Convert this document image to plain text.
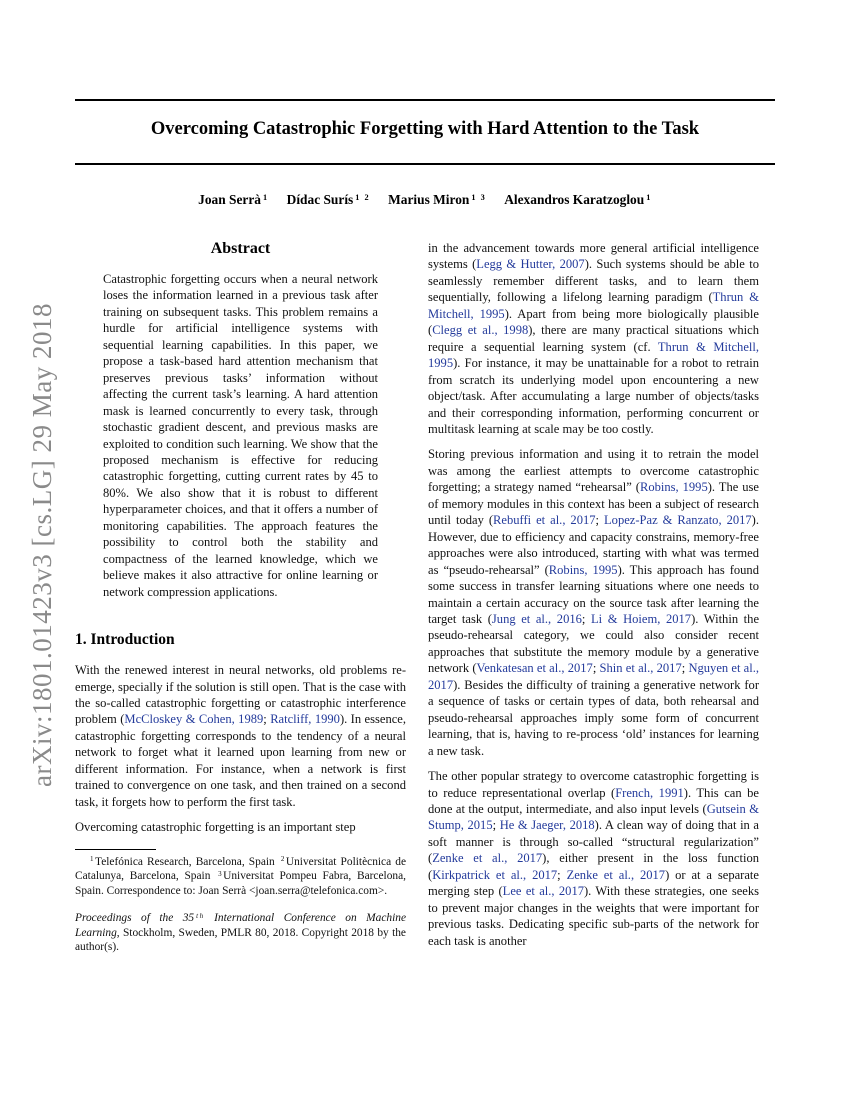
arXiv:1801.01423v3 [cs.LG] 29 May 2018
Overcoming Catastrophic Forgetting with Hard Attention to the Task
Joan Serrà $^1$ Dídac Surís $^{1 2}$ Marius Miron $^{1 3}$ Alexandros Karatzoglou $^1$
Abstract
Catastrophic forgetting occurs when a neural network loses the information learned in a previous task after training on subsequent tasks. This problem remains a hurdle for artificial intelligence systems with sequential learning capabilities. In this paper, we propose a task-based hard attention mechanism that preserves previous tasks’ information without affecting the current task’s learning. A hard attention mask is learned concurrently to every task, through stochastic gradient descent, and previous masks are exploited to condition such learning. We show that the proposed mechanism is effective for reducing catastrophic forgetting, cutting current rates by 45 to 80%. We also show that it is robust to different hyperparameter choices, and that it offers a number of monitoring capabilities. The approach features the possibility to control both the stability and compactness of the learned knowledge, which we believe makes it also attractive for online learning or network compression applications.
1. Introduction
With the renewed interest in neural networks, old problems re-emerge, specially if the solution is still open. That is the case with the so-called catastrophic forgetting or catastrophic interference problem (McCloskey & Cohen, 1989; Ratcliff, 1990). In essence, catastrophic forgetting corresponds to the tendency of a neural network to forget what it learned upon learning from new or different information. For instance, when a network is first trained to convergence on one task, and then trained on a second task, it forgets how to perform the first task.
Overcoming catastrophic forgetting is an important step
$^1$Telefónica Research, Barcelona, Spain $^2$Universitat Politècnica de Catalunya, Barcelona, Spain $^3$Universitat Pompeu Fabra, Barcelona, Spain. Correspondence to: Joan Serrà <joan.serra@telefonica.com>.
Proceedings of the 35 $^{th}$ International Conference on Machine Learning, Stockholm, Sweden, PMLR 80, 2018. Copyright 2018 by the author(s).
in the advancement towards more general artificial intelligence systems (Legg & Hutter, 2007). Such systems should be able to seamlessly remember different tasks, and to learn them sequentially, following a lifelong learning paradigm (Thrun & Mitchell, 1995). Apart from being more biologically plausible (Clegg et al., 1998), there are many practical situations which require a sequential learning system (cf. Thrun & Mitchell, 1995). For instance, it may be unattainable for a robot to retrain from scratch its underlying model upon encountering a new object/task. After accumulating a large number of objects/tasks and their corresponding information, performing concurrent or multitask learning at scale may be too costly.
Storing previous information and using it to retrain the model was among the earliest attempts to overcome catastrophic forgetting; a strategy named “rehearsal” (Robins, 1995). The use of memory modules in this context has been a subject of research until today (Rebuffi et al., 2017; Lopez-Paz & Ranzato, 2017). However, due to efficiency and capacity constrains, memory-free approaches were also introduced, starting with what was termed as “pseudo-rehearsal” (Robins, 1995). This approach has found some success in transfer learning situations where one needs to maintain a certain accuracy on the source task after learning the target task (Jung et al., 2016; Li & Hoiem, 2017). Within the pseudo-rehearsal category, we could also consider recent approaches that substitute the memory module by a generative network (Venkatesan et al., 2017; Shin et al., 2017; Nguyen et al., 2017). Besides the difficulty of training a generative network for a sequence of tasks or certain types of data, both rehearsal and pseudo-rehearsal approaches imply some form of concurrent learning, that is, having to re-process ‘old’ instances for learning a new task.
The other popular strategy to overcome catastrophic forgetting is to reduce representational overlap (French, 1991). This can be done at the output, intermediate, and also input levels (Gutsein & Stump, 2015; He & Jaeger, 2018). A clean way of doing that in a soft manner is through so-called “structural regularization” (Zenke et al., 2017), either present in the loss function (Kirkpatrick et al., 2017; Zenke et al., 2017) or at a separate merging step (Lee et al., 2017). With these strategies, one seeks to prevent major changes in the weights that were important for previous tasks. Dedicating specific sub-parts of the network for each task is another
